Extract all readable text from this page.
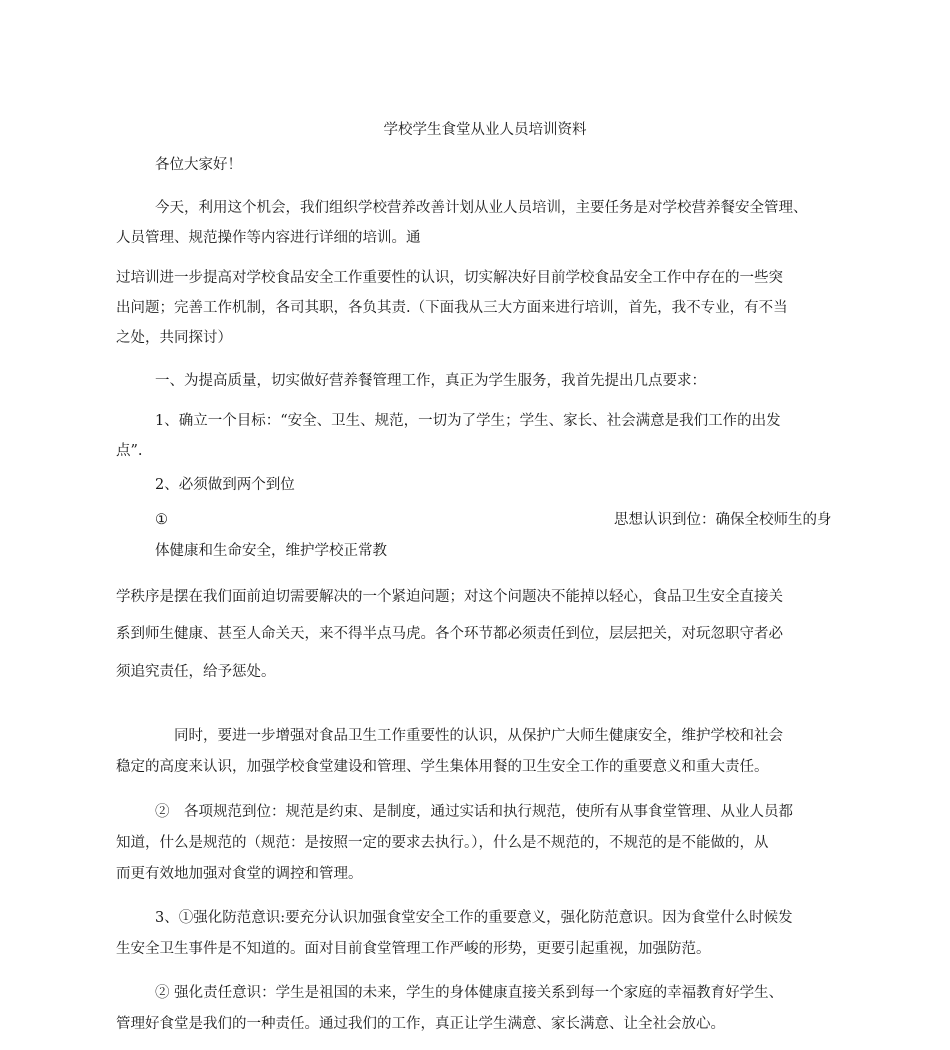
学校学生食堂从业人员培训资料
各位大家好！
今天，利用这个机会，我们组织学校营养改善计划从业人员培训，主要任务是对学校营养餐安全管理、
人员管理、规范操作等内容进行详细的培训。通
过培训进一步提高对学校食品安全工作重要性的认识，切实解决好目前学校食品安全工作中存在的一些突
出问题；完善工作机制，各司其职，各负其责.（下面我从三大方面来进行培训，首先，我不专业，有不当
之处，共同探讨）
一、为提高质量，切实做好营养餐管理工作，真正为学生服务，我首先提出几点要求：
1、确立一个目标：“安全、卫生、规范，一切为了学生；学生、家长、社会满意是我们工作的出发
点”.
2、必须做到两个到位
①	思想认识到位：确保全校师生的身
体健康和生命安全，维护学校正常教
学秩序是摆在我们面前迫切需要解决的一个紧迫问题；对这个问题决不能掉以轻心，食品卫生安全直接关
系到师生健康、甚至人命关天，来不得半点马虎。各个环节都必须责任到位，层层把关，对玩忽职守者必
须追究责任，给予惩处。
同时，要进一步增强对食品卫生工作重要性的认识，从保护广大师生健康安全，维护学校和社会
稳定的高度来认识，加强学校食堂建设和管理、学生集体用餐的卫生安全工作的重要意义和重大责任。
②　各项规范到位：规范是约束、是制度，通过实话和执行规范，使所有从事食堂管理、从业人员都
知道，什么是规范的（规范：是按照一定的要求去执行。），什么是不规范的，不规范的是不能做的，从
而更有效地加强对食堂的调控和管理。
3、①强化防范意识:要充分认识加强食堂安全工作的重要意义，强化防范意识。因为食堂什么时候发
生安全卫生事件是不知道的。面对目前食堂管理工作严峻的形势，更要引起重视，加强防范。
② 强化责任意识：学生是祖国的未来，学生的身体健康直接关系到每一个家庭的幸福教育好学生、
管理好食堂是我们的一种责任。通过我们的工作，真正让学生满意、家长满意、让全社会放心。
